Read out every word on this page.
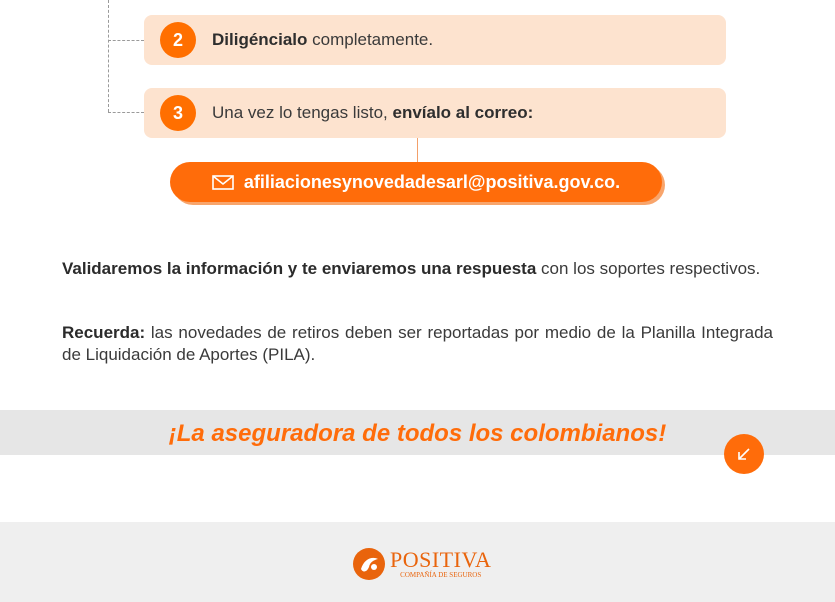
2	Diligéncialo completamente.
3	Una vez lo tengas listo, envíalo al correo:
afiliacionesynovedadesarl@positiva.gov.co.
Validaremos la información y te enviaremos una respuesta con los soportes respectivos.
Recuerda: las novedades de retiros deben ser reportadas por medio de la Planilla Integrada de Liquidación de Aportes (PILA).
¡La aseguradora de todos los colombianos!
POSITIVA
COMPAÑÍA DE SEGUROS
